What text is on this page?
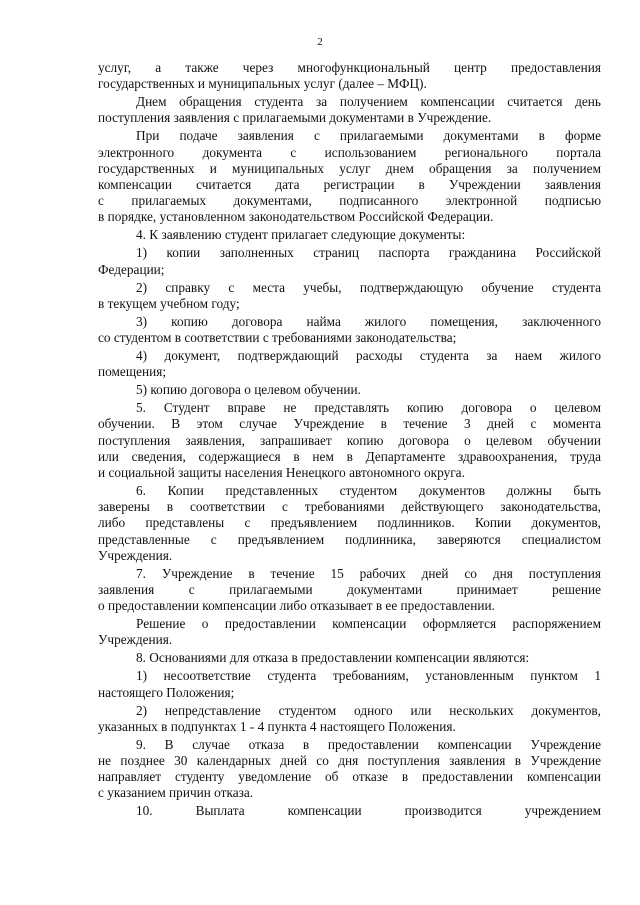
2
услуг, а также через многофункциональный центр предоставления
государственных и муниципальных услуг (далее – МФЦ).
Днем обращения студента за получением компенсации считается день
поступления заявления с прилагаемыми документами в Учреждение.
При подаче заявления с прилагаемыми документами в форме
электронного документа с использованием регионального портала
государственных и муниципальных услуг днем обращения за получением
компенсации считается дата регистрации в Учреждении заявления
с прилагаемых документами, подписанного электронной подписью
в порядке, установленном законодательством Российской Федерации.
4. К заявлению студент прилагает следующие документы:
1) копии заполненных страниц паспорта гражданина Российской
Федерации;
2) справку с места учебы, подтверждающую обучение студента
в текущем учебном году;
3) копию договора найма жилого помещения, заключенного
со студентом в соответствии с требованиями законодательства;
4) документ, подтверждающий расходы студента за наем жилого
помещения;
5) копию договора о целевом обучении.
5. Студент вправе не представлять копию договора о целевом
обучении. В этом случае Учреждение в течение 3 дней с момента
поступления заявления, запрашивает копию договора о целевом обучении
или сведения, содержащиеся в нем в Департаменте здравоохранения, труда
и социальной защиты населения Ненецкого автономного округа.
6. Копии представленных студентом документов должны быть
заверены в соответствии с требованиями действующего законодательства,
либо представлены с предъявлением подлинников. Копии документов,
представленные с предъявлением подлинника, заверяются специалистом
Учреждения.
7. Учреждение в течение 15 рабочих дней со дня поступления
заявления с прилагаемыми документами принимает решение
о предоставлении компенсации либо отказывает в ее предоставлении.
Решение о предоставлении компенсации оформляется распоряжением
Учреждения.
8. Основаниями для отказа в предоставлении компенсации являются:
1) несоответствие студента требованиям, установленным пунктом 1
настоящего Положения;
2) непредставление студентом одного или нескольких документов,
указанных в подпунктах 1 - 4 пункта 4 настоящего Положения.
9. В случае отказа в предоставлении компенсации Учреждение
не позднее 30 календарных дней со дня поступления заявления в Учреждение
направляет студенту уведомление об отказе в предоставлении компенсации
с указанием причин отказа.
10. Выплата компенсации производится учреждением
